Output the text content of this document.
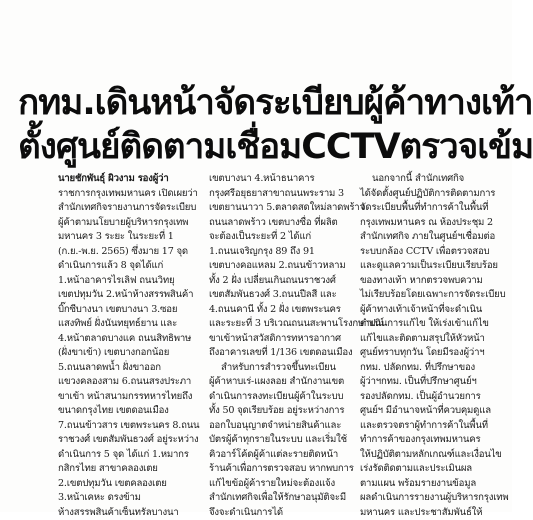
กทม.เดินหน้าจัดระเบียบผู้ค้าทางเท้า
ตั้งศูนย์ติดตามเชื่อมCCTVตรวจเข้ม
นายชักพันธุ์ ผิวงาม รองผู้ว่า
ราชการกรุงเทพมหานคร เปิดเผยว่า
สำนักเทศกิจรายงานการจัดระเบียบ
ผู้ค้าตามนโยบายผู้บริหารกรุงเทพ
มหานคร 3 ระยะ ในระยะที่ 1
(ก.ย.-พ.ย. 2565) ซึ่งมาย 17 จุด
ดำเนินการแล้ว 8 จุดได้แก่
1.หน้าอาคารไรเลิฟ ถนนวิทยุ
เขตปทุมวัน 2.หน้าห้างสรรพสินค้า
บิ๊กซีบางนา เขตบางนา 3.ซอย
แสงทิพย์ ฝั่งนันทยุทธ์ยาน และ
4.หน้าตลาดบางแค ถนนสิทธิพาษ
(ฝั่งขาเข้า) เขตบางกอกน้อย
5.ถนนลาดพน้ำ ฝั่งขาออก
แขวงคลองสาม 6.ถนนสรงประภา
ขาเข้า หน้าสนามกรรทหารไทยถึง
ขนาดกรุงไทย เขตดอนเมือง
7.ถนนข้าวสาร เขตพระนคร 8.ถนน
ราชวงศ์ เขตสัมพันธวงศ์ อยู่ระหว่าง
ดำเนินการ 5 จุด ได้แก่ 1.หมากร
กสิกรไทย สาขาคลองเตย
2.เขตปทุมวัน เขตคลองเตย
3.หน้าเคหะ ดรงข้าม
ห้างสรรพสินค้าเซ็นทรัลบางนา
เขตบางนา 4.หน้าธนาคาร
กรุงศรีอยุธยาสาขาถนนพระราม 3
เขตยานนาวา 5.ตลาดสดใหม่ลาดพร้าว
ถนนลาดพร้าว เขตบางซื่อ ที่ผลิต
จะต้องเป็นระยะที่ 2 ได้แก่
1.ถนนเจริญกรุง 89 ถึง 91
เขตบางคอแหลม 2.ถนนข้าวหลาม
ทั้ง 2 ฝั่ง เปลี่ยนเกินถนนราชวงศ์
เขตสัมพันธวงศ์ 3.ถนนปีลสี และ
4.ถนนคานี ทั้ง 2 ฝั่ง เขตพระนคร
และระยะที่ 3 บริเวณถนนสะพานโรงกษาปณ์
ขาเข้าหน้าสวัสดิการทหารอากาศ
ถึงอาคารเลขที่ 1/136 เขตดอนเมือง
สำหรับการสำรวจขึ้นทะเบียน
ผู้ค้าหาบเร่-แผงลอย สำนักงานเขต
ดำเนินการลงทะเบียนผู้ค้าในระบบ
ทั้ง 50 จุดเรียบร้อย อยู่ระหว่างการ
ออกใบอนุญาตจำหน่ายสินค้าและ
บัตรผู้ค้าทุกรายในระบบ และเริ่มใช้
คิวอาร์โค้ดผู้ค้าแต่ละรายติดหน้า
ร้านค้าเพื่อการตรวจสอบ หากพบการ
แก้ไขข้อผู้ค้ารายใหม่จะต้องแจ้ง
สำนักเทศกิจเพื่อให้รักษาอนุมัติจะมี
จึงจะดำเนินการได้
นอกจากนี้ สำนักเทศกิจ
ได้จัดตั้งศูนย์ปฏิบัติการติดตามการ
จัดระเบียบพื้นที่ทำการค้าในพื้นที่
กรุงเทพมหานคร ณ ห้องประชุม 2
สำนักเทศกิจ ภายในศูนย์ฯเชื่อมต่อ
ระบบกล้อง CCTV เพื่อตรวจสอบ
และดูแลความเป็นระเบียบเรียบร้อย
ของทางเท้า หากตรวจพบความ
ไม่เรียบร้อยโดยเฉพาะการจัดระเบียบ
ผู้ค้าทางเท้าเจ้าหน้าที่จะดำเนิน
ดำเนินการแก้ไข ให้เร่งเข้าแก้ไข
แก้ไขและติดตามสรุปให้หัวหน้า
ศูนย์ทราบทุกวัน โดยมีรองผู้ว่าฯ
กทม. ปลัดกทม. ที่ปรึกษาของ
ผู้ว่าฯกทม. เป็นที่ปรึกษาศูนย์ฯ
รองปลัดกทม. เป็นผู้อำนวยการ
ศูนย์ฯ มีอำนาจหน้าที่ควบคุมดูแล
และตรวจตราผู้ทำการค้าในพื้นที่
ทำการค้าของกรุงเทพมหานคร
ให้ปฏิบัติตามหลักเกณฑ์และเงื่อนไข
เร่งรัดติดตามและประเมินผล
ตามแผน พร้อมรายงานข้อมูล
ผลดำเนินการรายงานผู้บริหารกรุงเทพ
มหานคร และประชาสัมพันธ์ให้
